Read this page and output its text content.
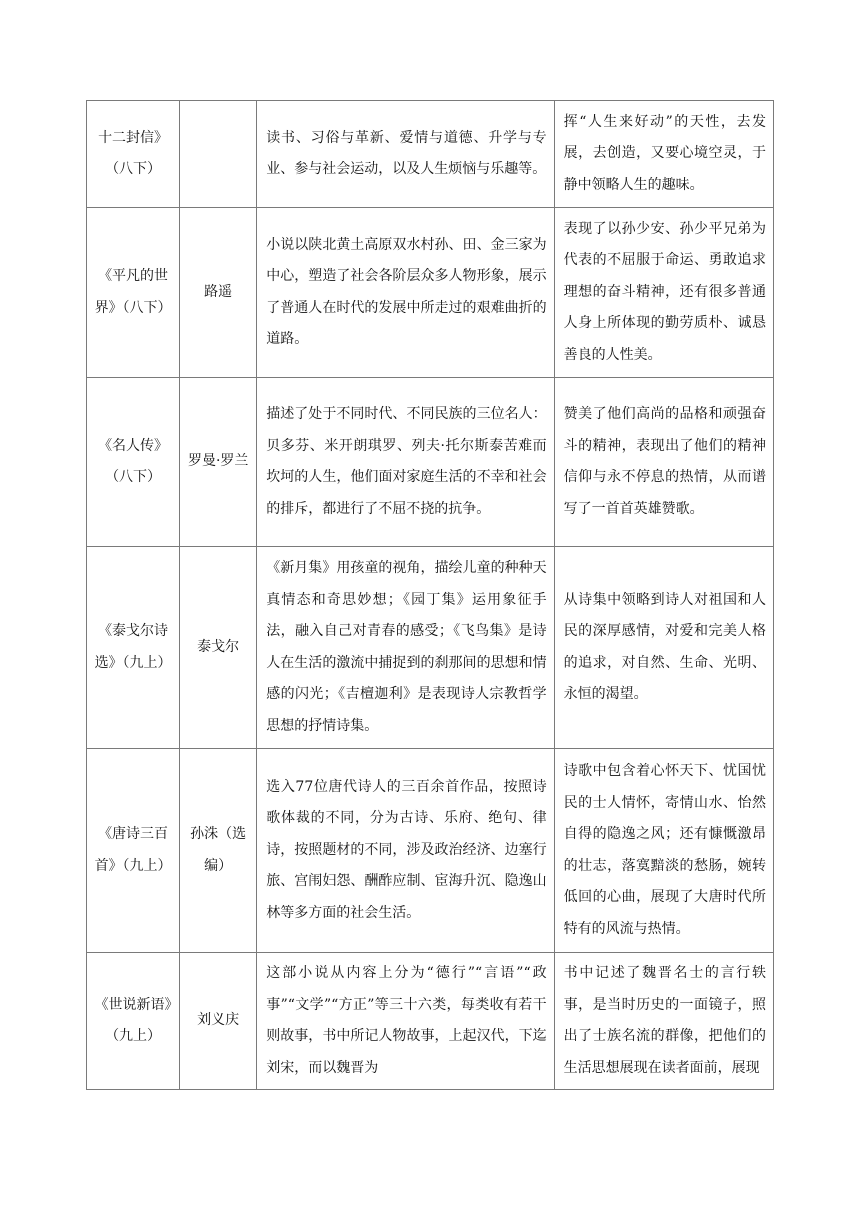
十二封信》（八下）		读书、习俗与革新、爱情与道德、升学与专业、参与社会运动，以及人生烦恼与乐趣等。	挥“人生来好动”的天性，去发展，去创造，又要心境空灵，于静中领略人生的趣味。

《平凡的世界》（八下）	路遥	小说以陕北黄土高原双水村孙、田、金三家为中心，塑造了社会各阶层众多人物形象，展示了普通人在时代的发展中所走过的艰难曲折的道路。	表现了以孙少安、孙少平兄弟为代表的不屈服于命运、勇敢追求理想的奋斗精神，还有很多普通人身上所体现的勤劳质朴、诚恳善良的人性美。

《名人传》（八下）	罗曼·罗兰	描述了处于不同时代、不同民族的三位名人：贝多芬、米开朗琪罗、列夫·托尔斯泰苦难而坎坷的人生，他们面对家庭生活的不幸和社会的排斥，都进行了不屈不挠的抗争。	赞美了他们高尚的品格和顽强奋斗的精神，表现出了他们的精神信仰与永不停息的热情，从而谱写了一首首英雄赞歌。

《泰戈尔诗选》（九上）	泰戈尔	《新月集》用孩童的视角，描绘儿童的种种天真情态和奇思妙想；《园丁集》运用象征手法，融入自己对青春的感受；《飞鸟集》是诗人在生活的激流中捕捉到的刹那间的思想和情感的闪光；《吉檀迦利》是表现诗人宗教哲学思想的抒情诗集。	从诗集中领略到诗人对祖国和人民的深厚感情，对爱和完美人格的追求，对自然、生命、光明、永恒的渴望。

《唐诗三百首》（九上）	孙洙（选编）	选入77位唐代诗人的三百余首作品，按照诗歌体裁的不同，分为古诗、乐府、绝句、律诗，按照题材的不同，涉及政治经济、边塞行旅、宫闱妇怨、酬酢应制、宦海升沉、隐逸山林等多方面的社会生活。	诗歌中包含着心怀天下、忧国忧民的士人情怀，寄情山水、怡然自得的隐逸之风；还有慷慨激昂的壮志，落寞黯淡的愁肠，婉转低回的心曲，展现了大唐时代所特有的风流与热情。

《世说新语》（九上）	刘义庆	这部小说从内容上分为“德行”“言语”“政事”“文学”“方正”等三十六类，每类收有若干则故事，书中所记人物故事，上起汉代，下迄刘宋，而以魏晋为	书中记述了魏晋名士的言行轶事，是当时历史的一面镜子，照出了士族名流的群像，把他们的生活思想展现在读者面前，展现
